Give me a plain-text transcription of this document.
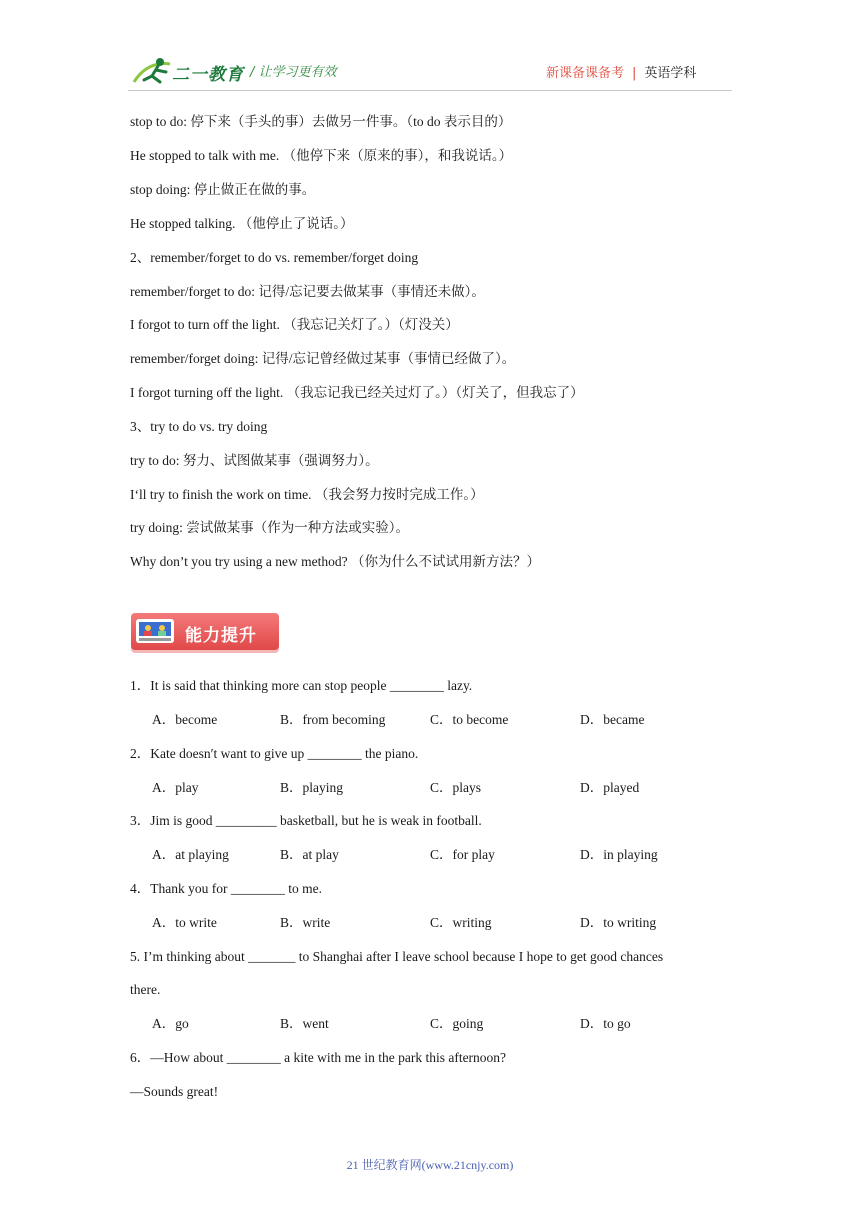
二一教育 / 让学习更有效	新课备课备考 | 英语学科
stop to do: 停下来（手头的事）去做另一件事。（to do 表示目的）
He stopped to talk with me. （他停下来（原来的事），和我说话。）
stop doing: 停止做正在做的事。
He stopped talking. （他停止了说话。）
2、remember/forget to do vs. remember/forget doing
remember/forget to do: 记得/忘记要去做某事（事情还未做）。
I forgot to turn off the light. （我忘记关灯了。）（灯没关）
remember/forget doing: 记得/忘记曾经做过某事（事情已经做了）。
I forgot turning off the light. （我忘记我已经关过灯了。）（灯关了，但我忘了）
3、try to do vs. try doing
try to do: 努力、试图做某事（强调努力）。
I‘ll try to finish the work on time. （我会努力按时完成工作。）
try doing: 尝试做某事（作为一种方法或实验）。
Why don’t you try using a new method? （你为什么不试试用新方法？）
能力提升
1．It is said that thinking more can stop people ________ lazy.
A．become	B．from becoming	C．to become	D．became
2．Kate doesn′t want to give up ________ the piano.
A．play	B．playing	C．plays	D．played
3．Jim is good _________ basketball, but he is weak in football.
A．at playing	B．at play	C．for play	D．in playing
4．Thank you for ________ to me.
A．to write	B．write	C．writing	D．to writing
5. I’m thinking about _______ to Shanghai after I leave school because I hope to get good chances
there.
A．go	B．went	C．going	D．to go
6．—How about ________ a kite with me in the park this afternoon?
—Sounds great!
21 世纪教育网(www.21cnjy.com)
